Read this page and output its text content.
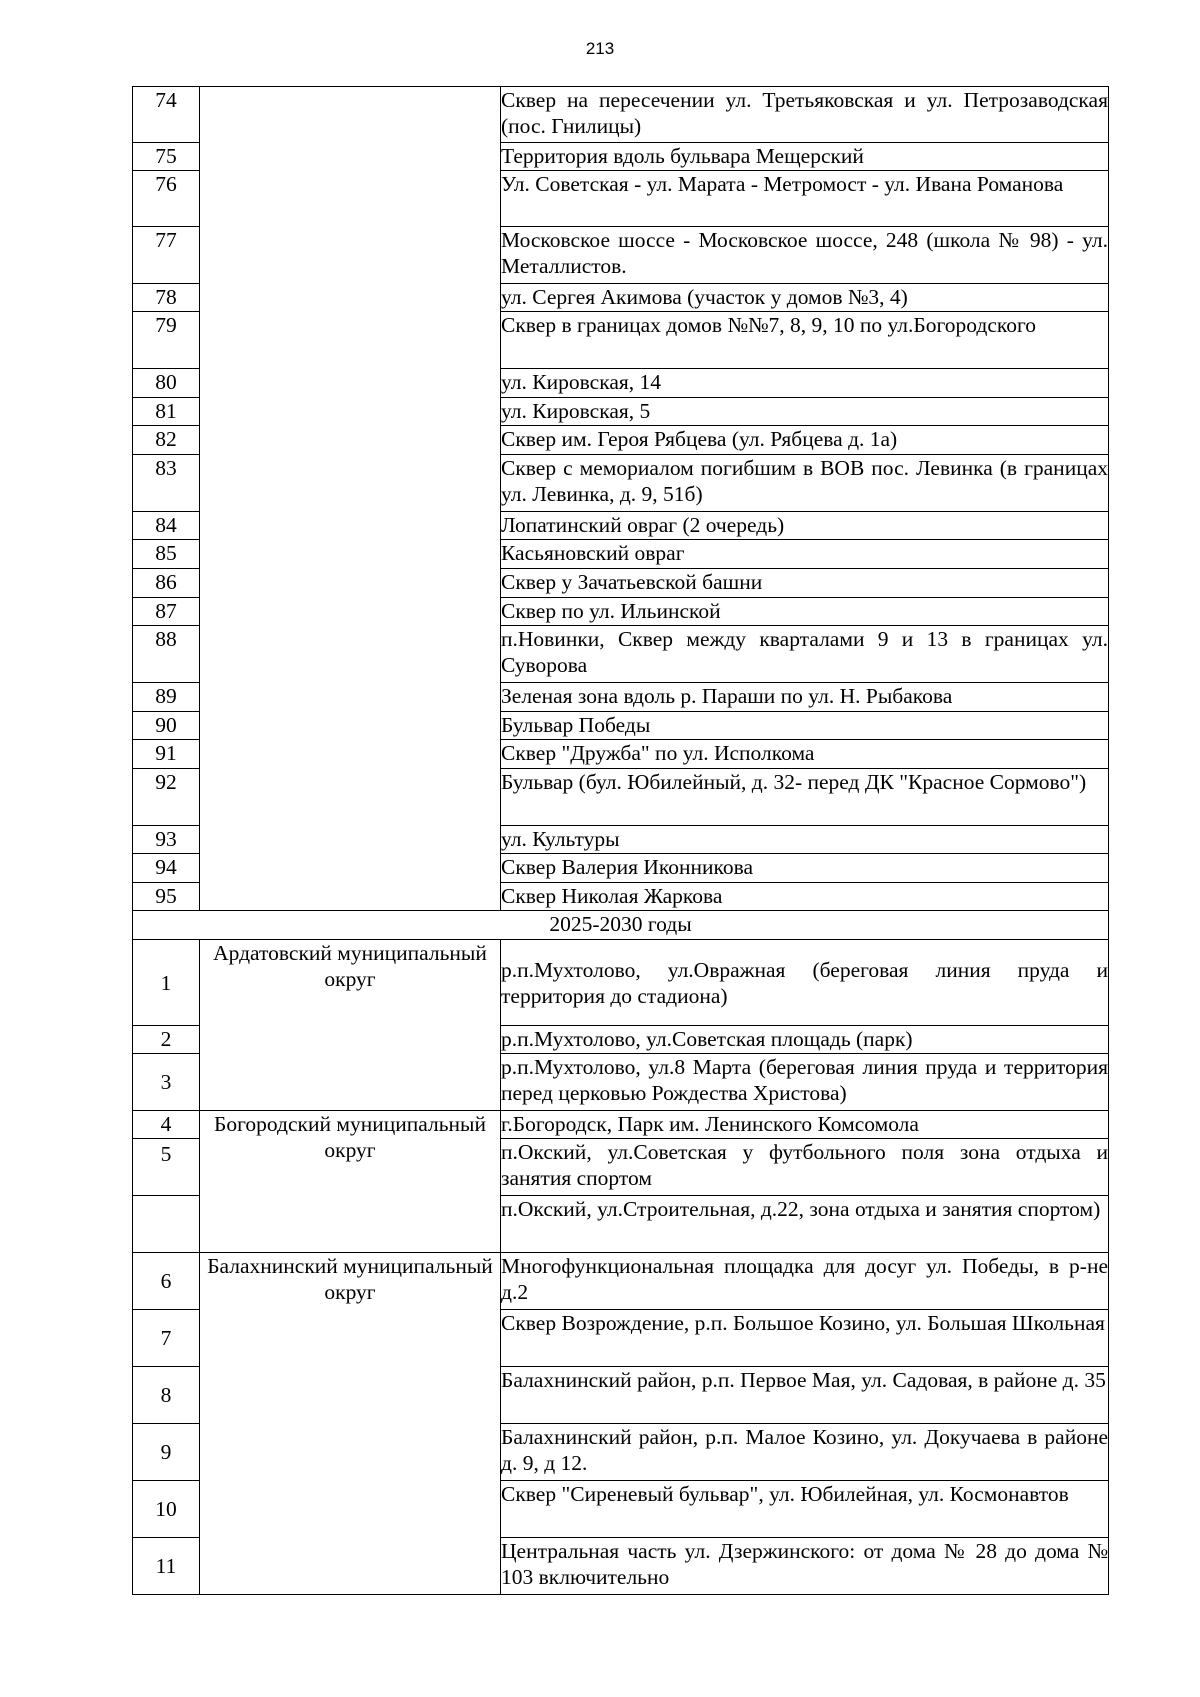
213
74		Сквер на пересечении ул. Третьяковская и ул. Петрозаводская (пос. Гнилицы)
75		Территория вдоль бульвара Мещерский
76		Ул. Советская - ул. Марата - Метромост - ул. Ивана Романова
77		Московское шоссе - Московское шоссе, 248 (школа № 98) - ул. Металлистов.
78		ул. Сергея Акимова (участок у домов №3, 4)
79		Сквер в границах домов №№7, 8, 9, 10 по ул.Богородского
80		ул. Кировская, 14
81		ул. Кировская, 5
82		Сквер им. Героя Рябцева (ул. Рябцева д. 1а)
83		Сквер с мемориалом погибшим в ВОВ пос. Левинка (в границах ул. Левинка, д. 9, 51б)
84		Лопатинский овраг (2 очередь)
85		Касьяновский овраг
86		Сквер у Зачатьевской башни
87		Сквер по ул. Ильинской
88		п.Новинки, Сквер между кварталами 9 и 13 в границах ул. Суворова
89		Зеленая зона вдоль р. Параши по ул. Н. Рыбакова
90		Бульвар Победы
91		Сквер "Дружба" по ул. Исполкома
92		Бульвар (бул. Юбилейный, д. 32- перед ДК "Красное Сормово")
93		ул. Культуры
94		Сквер Валерия Иконникова
95		Сквер Николая Жаркова
2025-2030 годы		
1	Ардатовский муниципальный округ	р.п.Мухтолово, ул.Овражная (береговая линия пруда и территория до стадиона)
2		р.п.Мухтолово, ул.Советская площадь (парк)
3		р.п.Мухтолово, ул.8 Марта (береговая линия пруда и территория перед церковью Рождества Христова)
4	Богородский муниципальный округ	г.Богородск, Парк им. Ленинского Комсомола
5		п.Окский, ул.Советская у футбольного поля зона отдыха и занятия спортом
		п.Окский, ул.Строительная, д.22, зона отдыха и занятия спортом)
6	Балахнинский муниципальный округ	Многофункциональная площадка для досуг ул. Победы, в р-не д.2
7		Сквер Возрождение, р.п. Большое Козино, ул. Большая Школьная
8		Балахнинский район, р.п. Первое Мая, ул. Садовая, в районе д. 35
9		Балахнинский район, р.п. Малое Козино, ул. Докучаева в районе д. 9, д 12.
10		Сквер "Сиреневый бульвар", ул. Юбилейная, ул. Космонавтов
11		Центральная часть ул. Дзержинского: от дома № 28 до дома № 103 включительно
